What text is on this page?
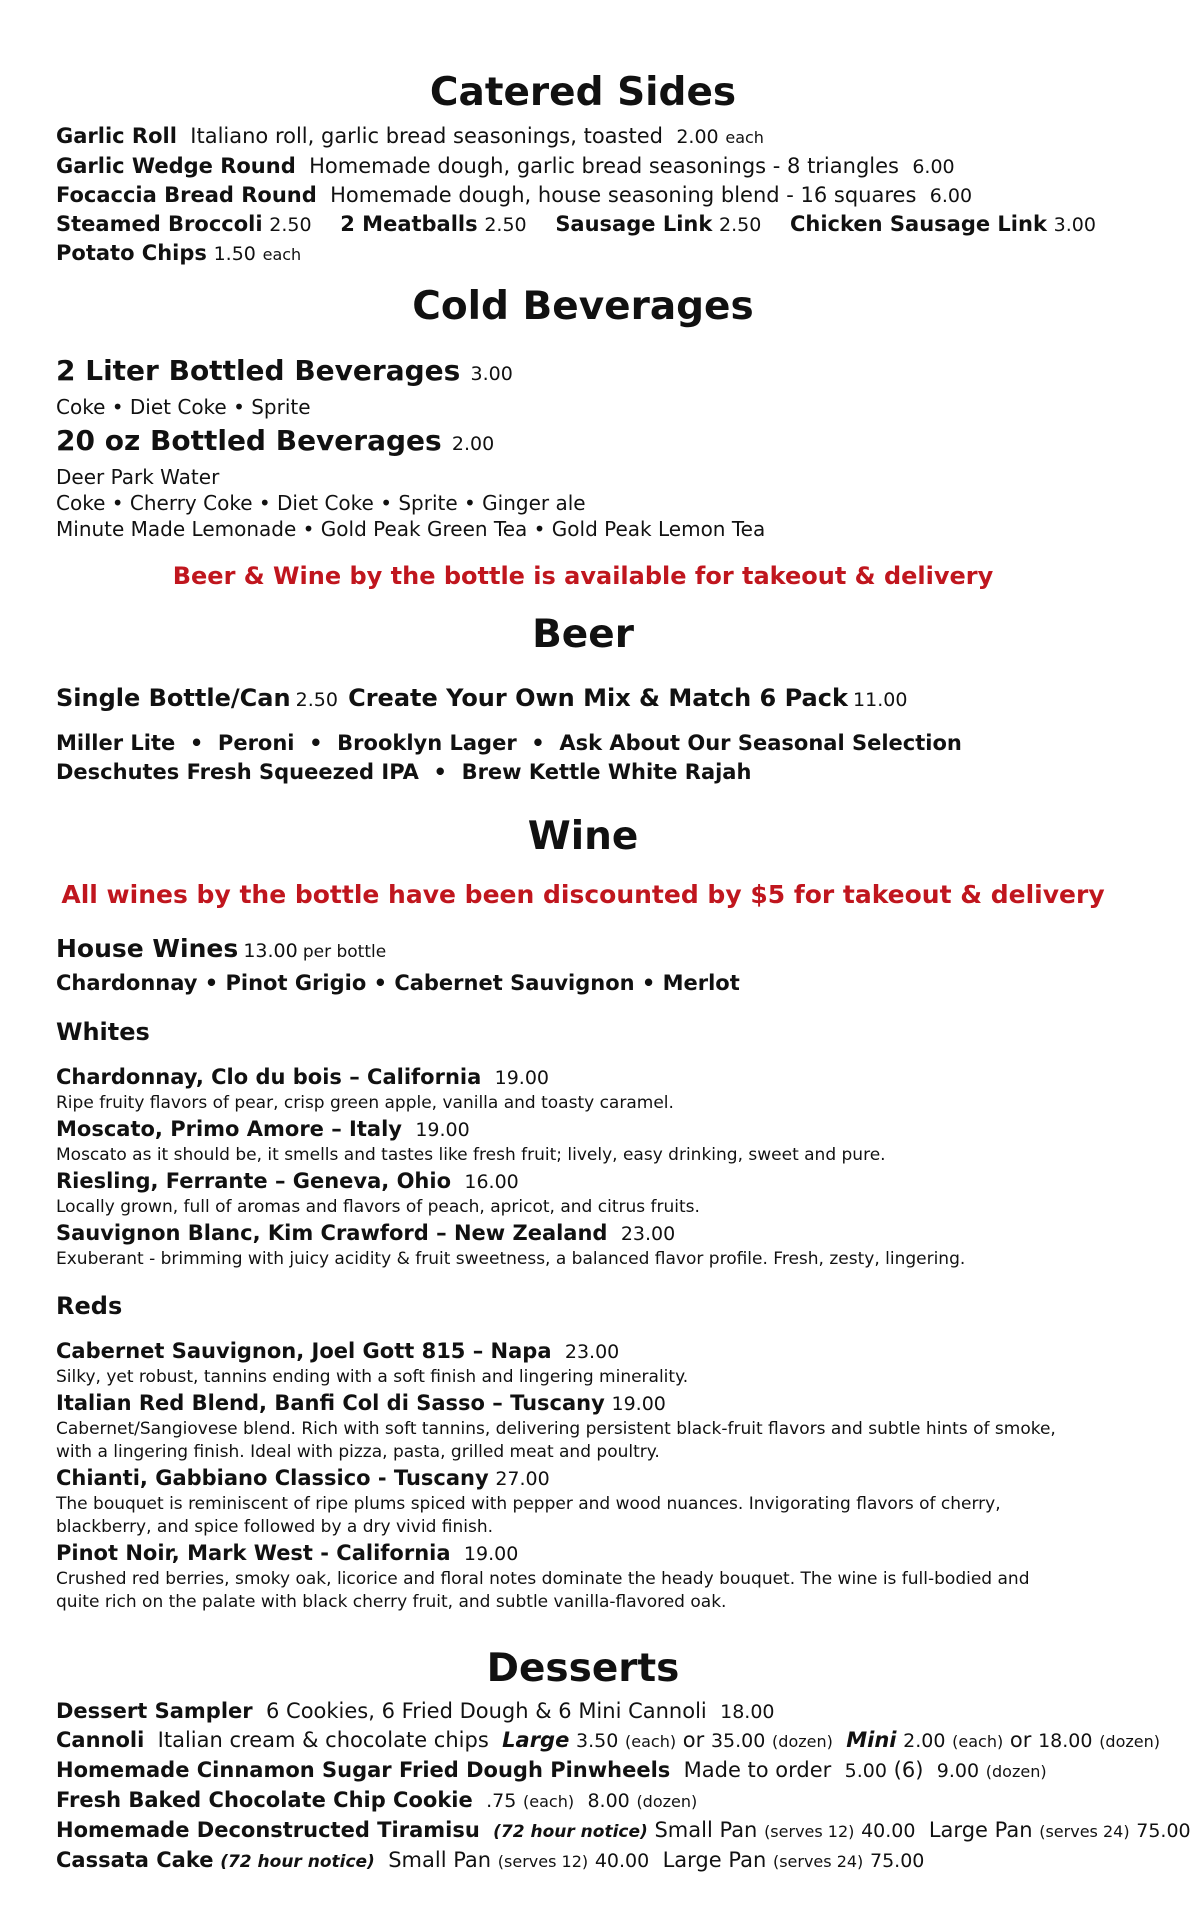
Catered Sides
Garlic Roll Italiano roll, garlic bread seasonings, toasted 2.00 each
Garlic Wedge Round Homemade dough, garlic bread seasonings - 8 triangles 6.00
Focaccia Bread Round Homemade dough, house seasoning blend - 16 squares 6.00
Steamed Broccoli 2.50 2 Meatballs 2.50 Sausage Link 2.50 Chicken Sausage Link 3.00
Potato Chips 1.50 each
Cold Beverages
2 Liter Bottled Beverages 3.00
Coke • Diet Coke • Sprite
20 oz Bottled Beverages 2.00
Deer Park Water
Coke • Cherry Coke • Diet Coke • Sprite • Ginger ale
Minute Made Lemonade • Gold Peak Green Tea • Gold Peak Lemon Tea
Beer & Wine by the bottle is available for takeout & delivery
Beer
Single Bottle/Can 2.50 Create Your Own Mix & Match 6 Pack 11.00
Miller Lite  •  Peroni  •  Brooklyn Lager  •  Ask About Our Seasonal Selection
Deschutes Fresh Squeezed IPA  •  Brew Kettle White Rajah
Wine
All wines by the bottle have been discounted by $5 for takeout & delivery
House Wines 13.00 per bottle
Chardonnay • Pinot Grigio • Cabernet Sauvignon • Merlot
Whites
Chardonnay, Clo du bois – California 19.00
Ripe fruity flavors of pear, crisp green apple, vanilla and toasty caramel.
Moscato, Primo Amore – Italy 19.00
Moscato as it should be, it smells and tastes like fresh fruit; lively, easy drinking, sweet and pure.
Riesling, Ferrante – Geneva, Ohio 16.00
Locally grown, full of aromas and flavors of peach, apricot, and citrus fruits.
Sauvignon Blanc, Kim Crawford – New Zealand 23.00
Exuberant - brimming with juicy acidity & fruit sweetness, a balanced flavor profile. Fresh, zesty, lingering.
Reds
Cabernet Sauvignon, Joel Gott 815 – Napa 23.00
Silky, yet robust, tannins ending with a soft finish and lingering minerality.
Italian Red Blend, Banfi Col di Sasso – Tuscany 19.00
Cabernet/Sangiovese blend. Rich with soft tannins, delivering persistent black-fruit flavors and subtle hints of smoke,
with a lingering finish. Ideal with pizza, pasta, grilled meat and poultry.
Chianti, Gabbiano Classico - Tuscany 27.00
The bouquet is reminiscent of ripe plums spiced with pepper and wood nuances. Invigorating flavors of cherry,
blackberry, and spice followed by a dry vivid finish.
Pinot Noir, Mark West - California 19.00
Crushed red berries, smoky oak, licorice and floral notes dominate the heady bouquet. The wine is full-bodied and
quite rich on the palate with black cherry fruit, and subtle vanilla-flavored oak.
Desserts
Dessert Sampler 6 Cookies, 6 Fried Dough & 6 Mini Cannoli 18.00
Cannoli Italian cream & chocolate chips Large 3.50 (each) or 35.00 (dozen) Mini 2.00 (each) or 18.00 (dozen)
Homemade Cinnamon Sugar Fried Dough Pinwheels Made to order 5.00 (6) 9.00 (dozen)
Fresh Baked Chocolate Chip Cookie .75 (each) 8.00 (dozen)
Homemade Deconstructed Tiramisu (72 hour notice) Small Pan (serves 12) 40.00 Large Pan (serves 24) 75.00
Cassata Cake (72 hour notice) Small Pan (serves 12) 40.00 Large Pan (serves 24) 75.00
